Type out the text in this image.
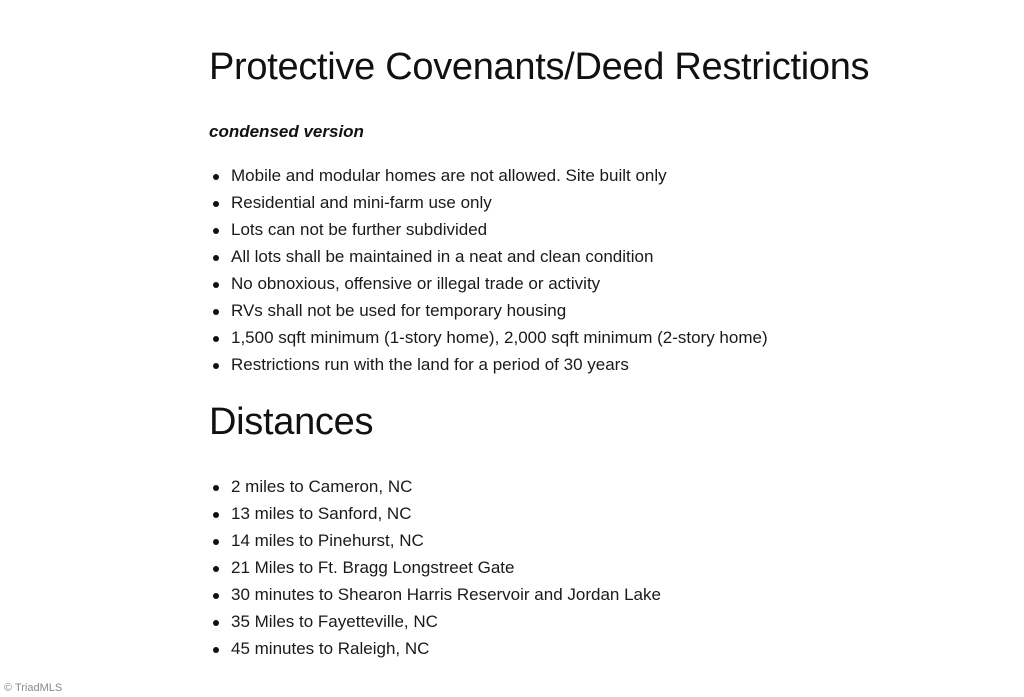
Protective Covenants/Deed Restrictions
condensed version
Mobile and modular homes are not allowed. Site built only
Residential and mini-farm use only
Lots can not be further subdivided
All lots shall be maintained in a neat and clean condition
No obnoxious, offensive or illegal trade or activity
RVs shall not be used for temporary housing
1,500 sqft minimum (1-story home), 2,000 sqft minimum (2-story home)
Restrictions run with the land for a period of 30 years
Distances
2 miles to Cameron, NC
13 miles to Sanford, NC
14 miles to Pinehurst, NC
21 Miles to Ft. Bragg Longstreet Gate
30 minutes to Shearon Harris Reservoir and Jordan Lake
35 Miles to Fayetteville, NC
45 minutes to Raleigh, NC
© TriadMLS
